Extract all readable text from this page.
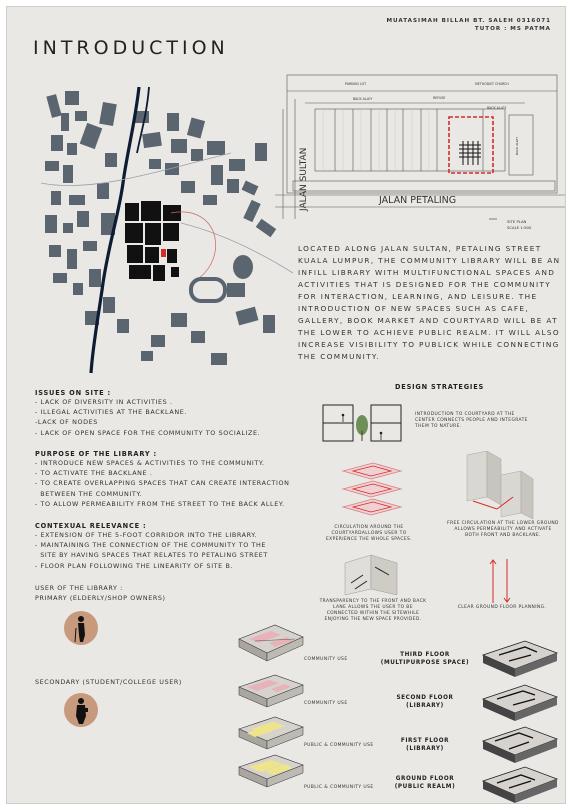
MUATASIMAH BILLAH BT. SALEH 0316071
TUTOR : MS PATMA
INTRODUCTION
PARKING LOT	METHODIST CHURCH
BACK ALLEY	REFUSE
BACK ALLEY
BACK ALLEY
JALAN PETALING
JALAN SULTAN
SITE PLAN
SCALE 1:500
LOCATED ALONG JALAN SULTAN, PETALING STREET KUALA LUMPUR, THE COMMUNITY LIBRARY WILL BE AN INFILL LIBRARY WITH MULTIFUNCTIONAL SPACES AND ACTIVITIES THAT IS DESIGNED FOR THE COMMUNITY FOR INTERACTION, LEARNING, AND LEISURE. THE INTRODUCTION OF NEW SPACES SUCH AS CAFE, GALLERY, BOOK MARKET AND COURTYARD WILL BE AT THE LOWER TO ACHIEVE PUBLIC REALM. IT WILL ALSO INCREASE VISIBILITY TO PUBLICK WHILE CONNECTING THE COMMUNITY.
ISSUES ON SITE :
- LACK OF DIVERSITY IN ACTIVITIES .
- ILLEGAL ACTIVITIES AT THE BACKLANE.
-LACK OF NODES
- LACK OF OPEN SPACE FOR THE COMMUNITY TO SOCIALIZE.
PURPOSE OF THE LIBRARY :
- INTRODUCE NEW SPACES & ACTIVITIES TO THE COMMUNITY.
- TO ACTIVATE THE BACKLANE .
- TO CREATE OVERLAPPING SPACES THAT CAN CREATE INTERACTION
BETWEEN THE COMMUNITY.
- TO ALLOW PERMEABILITY FROM THE STREET TO THE BACK ALLEY.
CONTEXUAL RELEVANCE :
- EXTENSION OF THE 5-FOOT CORRIDOR INTO THE LIBRARY.
- MAINTAINING THE CONNECTION OF THE COMMUNITY TO THE
SITE BY HAVING SPACES THAT RELATES TO PETALING STREET
- FLOOR PLAN FOLLOWING THE LINEARITY OF SITE B.
USER OF THE LIBRARY :
PRIMARY (ELDERLY/SHOP OWNERS)
SECONDARY (STUDENT/COLLEGE USER)
DESIGN STRATEGIES
INTRODUCTION TO COURTYARD AT THE CENTER CONNECTS PEOPLE AND INTEGRATE THEM TO NATURE.
CIRCULATION AROUND THE COURTYARDALLOWS USER TO EXPERIENCE THE WHOLE SPACES.
FREE CIRCULATION AT THE LOWER GROUND ALLOWS PERMEABILITY AND ACTIVATE BOTH FRONT AND BACKLANE.
TRANSPARENCY TO THE FRONT AND BACK LANE ALLOWS THE USER TO BE CONNECTED WITHIN THE SITEWHILE ENJOYING THE NEW SPACE PROVIDED.
CLEAR GROUND FLOOR PLANNING.
COMMUNITY USE
COMMUNITY USE
PUBLIC & COMMUNITY USE
PUBLIC & COMMUNITY USE
THIRD FLOOR
(MULTIPURPOSE SPACE)
SECOND FLOOR
(LIBRARY)
FIRST FLOOR
(LIBRARY)
GROUND FLOOR
(PUBLIC REALM)
